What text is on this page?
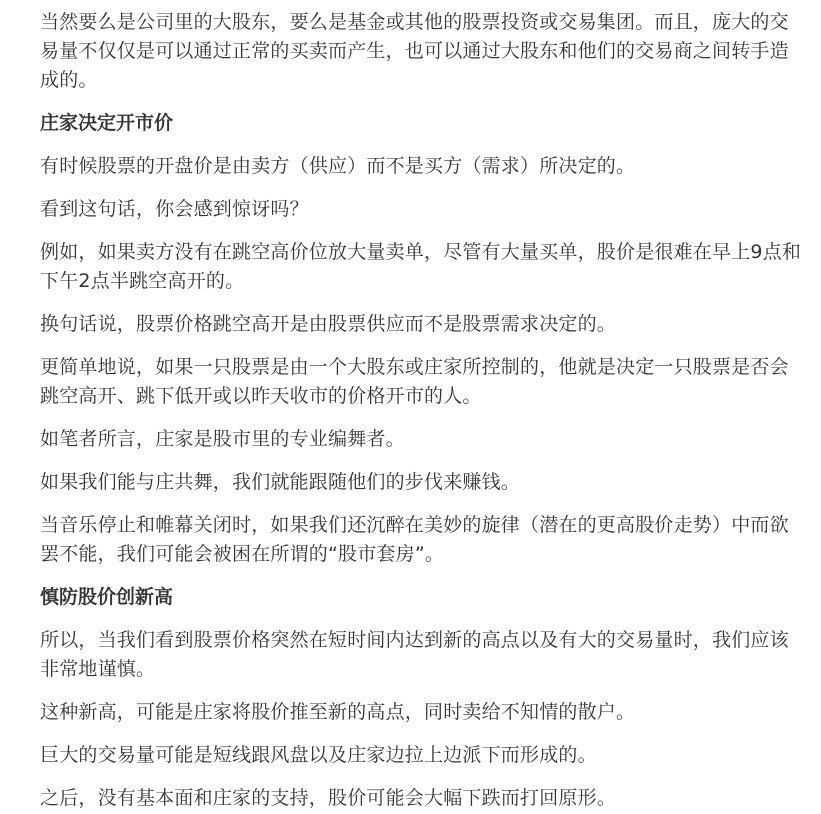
当然要么是公司里的大股东，要么是基金或其他的股票投资或交易集团。而且，庞大的交易量不仅仅是可以通过正常的买卖而产生，也可以通过大股东和他们的交易商之间转手造成的。

庄家决定开市价

有时候股票的开盘价是由卖方（供应）而不是买方（需求）所决定的。

看到这句话，你会感到惊讶吗？

例如，如果卖方没有在跳空高价位放大量卖单，尽管有大量买单，股价是很难在早上9点和下午2点半跳空高开的。

换句话说，股票价格跳空高开是由股票供应而不是股票需求决定的。

更简单地说，如果一只股票是由一个大股东或庄家所控制的，他就是决定一只股票是否会跳空高开、跳下低开或以昨天收市的价格开市的人。

如笔者所言，庄家是股市里的专业编舞者。

如果我们能与庄共舞，我们就能跟随他们的步伐来赚钱。

当音乐停止和帷幕关闭时，如果我们还沉醉在美妙的旋律（潜在的更高股价走势）中而欲罢不能，我们可能会被困在所谓的“股市套房”。

慎防股价创新高

所以，当我们看到股票价格突然在短时间内达到新的高点以及有大的交易量时，我们应该非常地谨慎。

这种新高，可能是庄家将股价推至新的高点，同时卖给不知情的散户。

巨大的交易量可能是短线跟风盘以及庄家边拉上边派下而形成的。

之后，没有基本面和庄家的支持，股价可能会大幅下跌而打回原形。
